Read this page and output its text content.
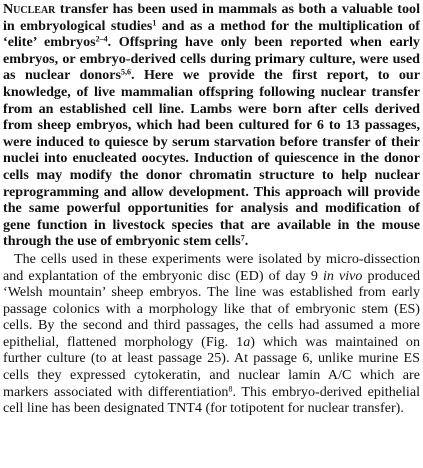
Nuclear transfer has been used in mammals as both a valuable tool in embryological studies$^1$ and as a method for the multiplication of ‘elite’ embryos$^{2-4}$. Offspring have only been reported when early embryos, or embryo-derived cells during primary culture, were used as nuclear donors$^{5,6}$. Here we provide the first report, to our knowledge, of live mammalian offspring following nuclear transfer from an established cell line. Lambs were born after cells derived from sheep embryos, which had been cultured for 6 to 13 passages, were induced to quiesce by serum starvation before transfer of their nuclei into enucleated oocytes. Induction of quiescence in the donor cells may modify the donor chromatin structure to help nuclear reprogramming and allow development. This approach will provide the same powerful opportunities for analysis and modification of gene function in livestock species that are available in the mouse through the use of embryonic stem cells$^7$.

The cells used in these experiments were isolated by micro-dissection and explantation of the embryonic disc (ED) of day 9 in vivo produced ‘Welsh mountain’ sheep embryos. The line was established from early passage colonics with a morphology like that of embryonic stem (ES) cells. By the second and third passages, the cells had assumed a more epithelial, flattened morphology (Fig. 1a) which was maintained on further culture (to at least passage 25). At passage 6, unlike murine ES cells they expressed cytokeratin, and nuclear lamin A/C which are markers associated with differentiation$^8$. This embryo-derived epithelial cell line has been designated TNT4 (for totipotent for nuclear transfer).
